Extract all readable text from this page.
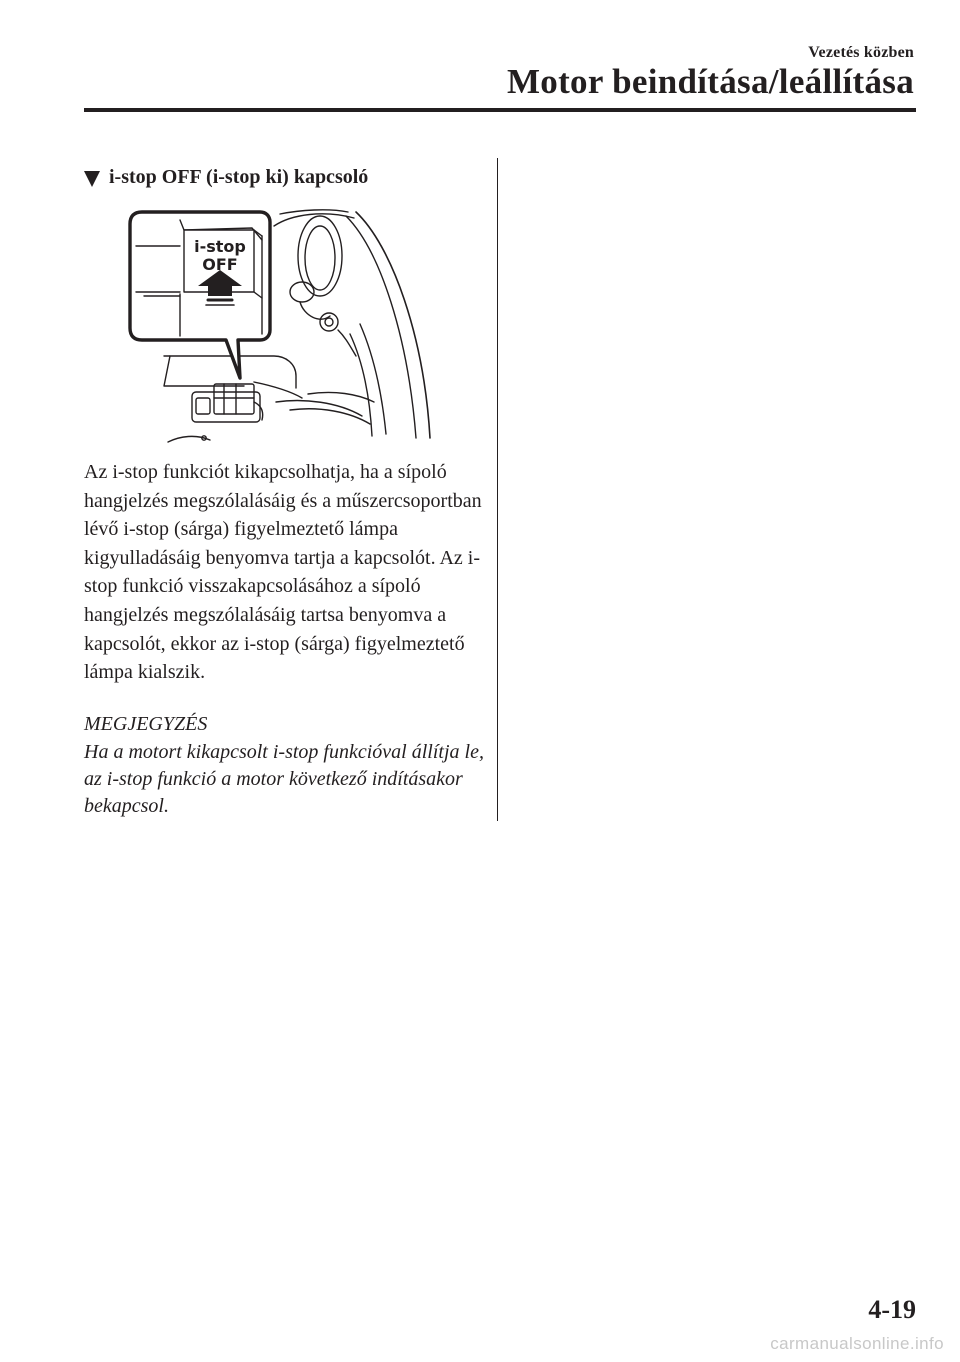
Vezetés közben
Motor beindítása/leállítása
i-stop OFF (i-stop ki) kapcsoló
i-stop
OFF
Az i-stop funkciót kikapcsolhatja, ha a sípoló hangjelzés megszólalásáig és a műszercsoportban lévő i-stop (sárga) figyelmeztető lámpa kigyulladásáig benyomva tartja a kapcsolót. Az i-stop funkció visszakapcsolásához a sípoló hangjelzés megszólalásáig tartsa benyomva a kapcsolót, ekkor az i-stop (sárga) figyelmeztető lámpa kialszik.
MEGJEGYZÉS
Ha a motort kikapcsolt i-stop funkcióval állítja le, az i-stop funkció a motor következő indításakor bekapcsol.
4-19
carmanualsonline.info
